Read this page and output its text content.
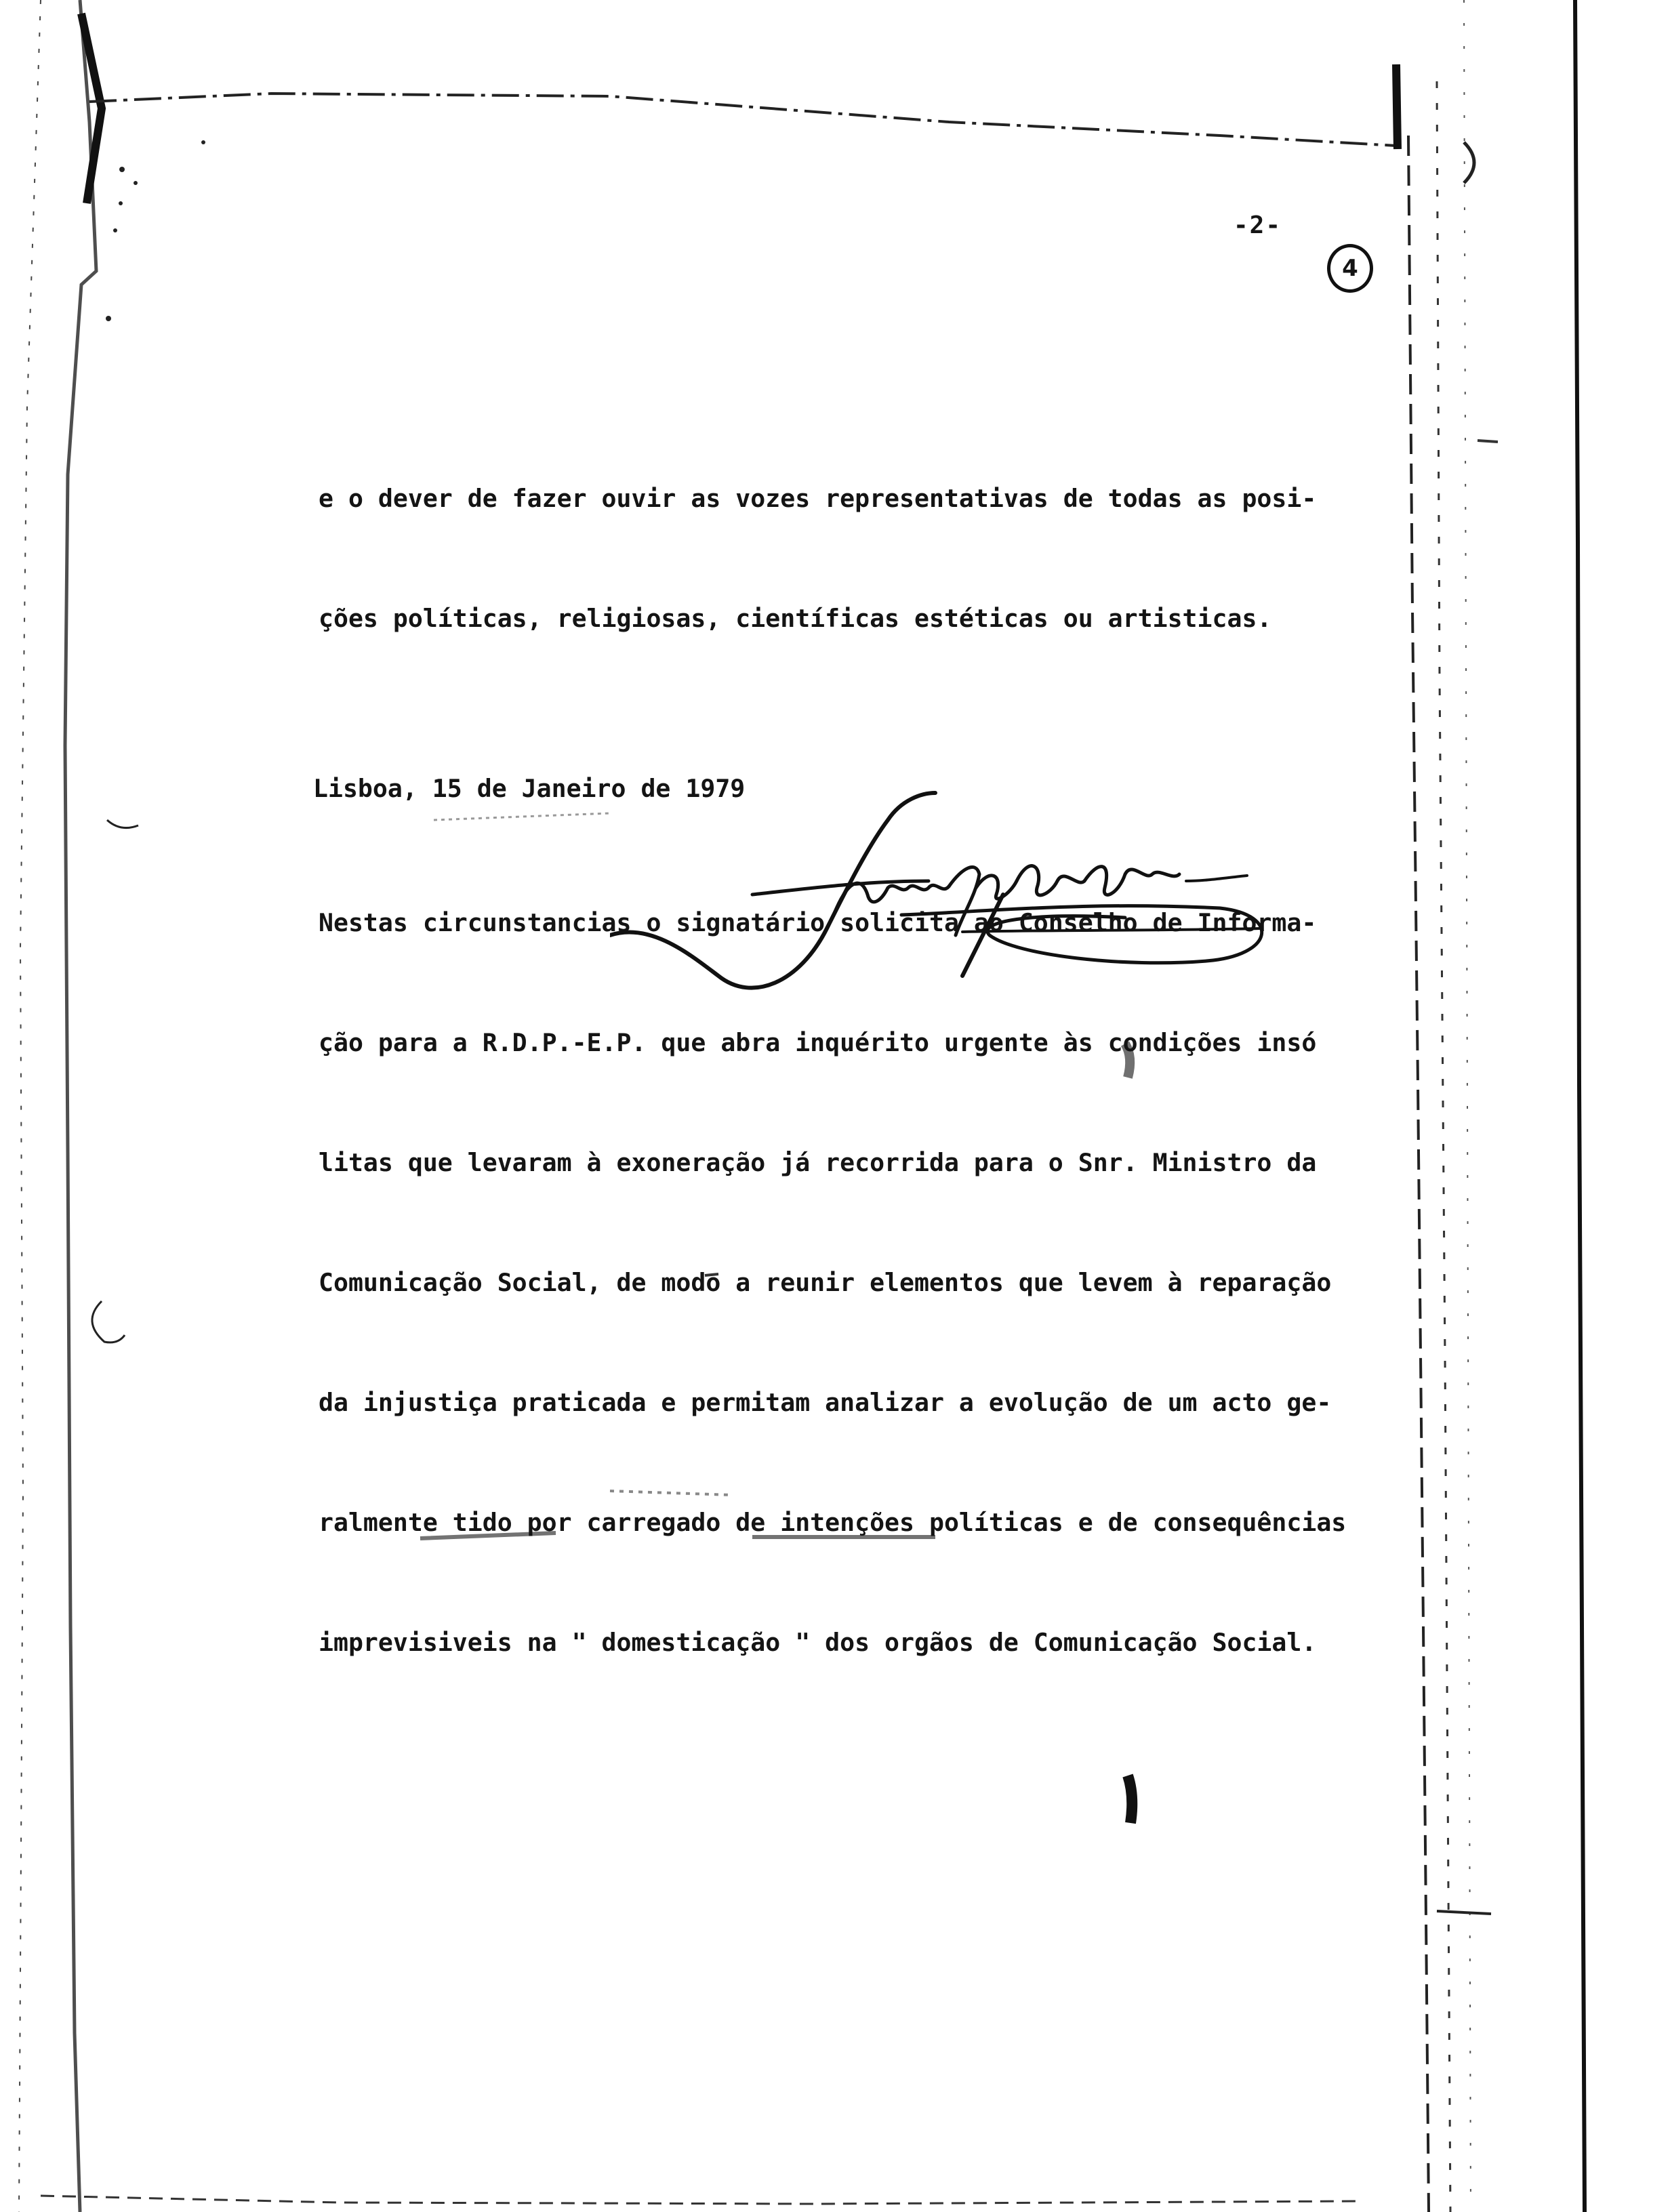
-2-
4

e o dever de fazer ouvir as vozes representativas de todas as posi-

ções políticas, religiosas, científicas estéticas ou artisticas.

Nestas circunstancias o signatário solicita ao Conselho de Informa-

ção para a R.D.P.-E.P. que abra inquérito urgente às condições insó

litas que levaram à exoneração já recorrida para o Snr. Ministro da

Comunicação Social, de modo a reunir elementos que levem à reparação

da injustiça praticada e permitam analizar a evolução de um acto ge-

ralmente tido por carregado de intenções políticas e de consequências

imprevisiveis na " domesticação " dos orgãos de Comunicação Social.

Lisboa, 15 de Janeiro de 1979
